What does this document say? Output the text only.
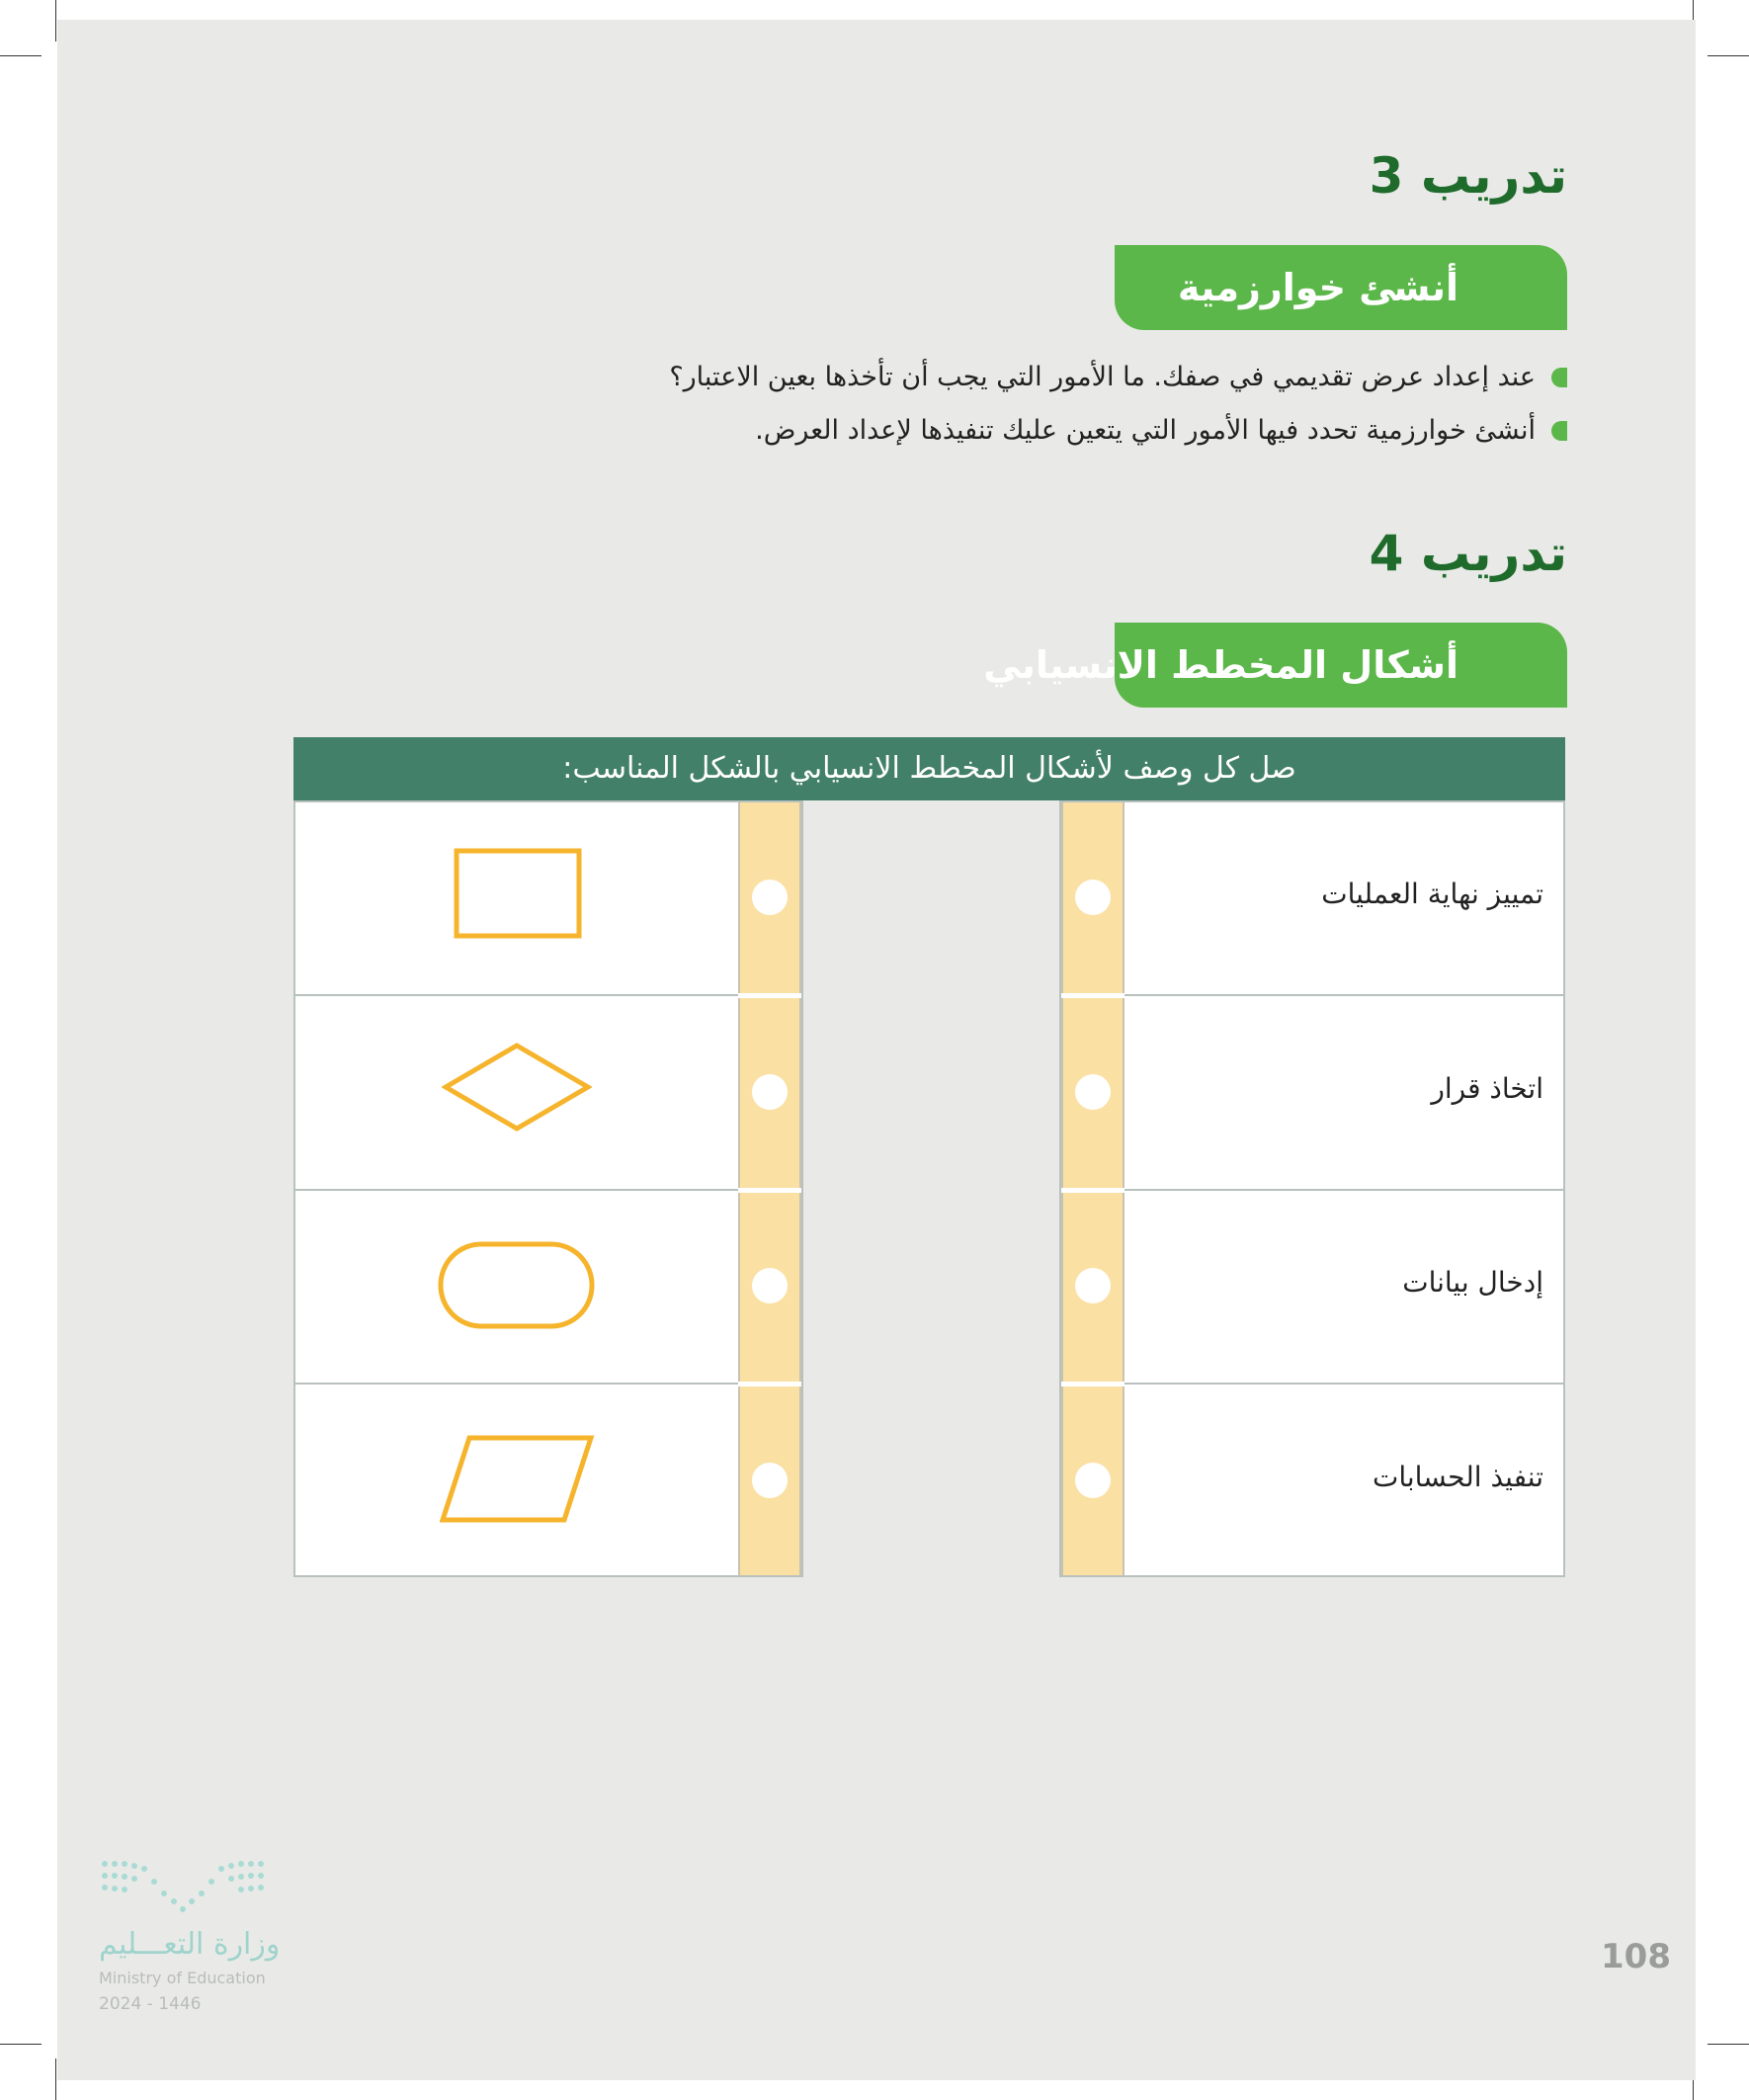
تدريب 3
أنشئ خوارزمية
عند إعداد عرض تقديمي في صفك. ما الأمور التي يجب أن تأخذها بعين الاعتبار؟
أنشئ خوارزمية تحدد فيها الأمور التي يتعين عليك تنفيذها لإعداد العرض.
تدريب 4
أشكال المخطط الانسيابي
صل كل وصف لأشكال المخطط الانسيابي بالشكل المناسب:
تمييز نهاية العمليات
اتخاذ قرار
إدخال بيانات
تنفيذ الحسابات
وزارة التعـــليم
Ministry of Education
2024 - 1446
108
